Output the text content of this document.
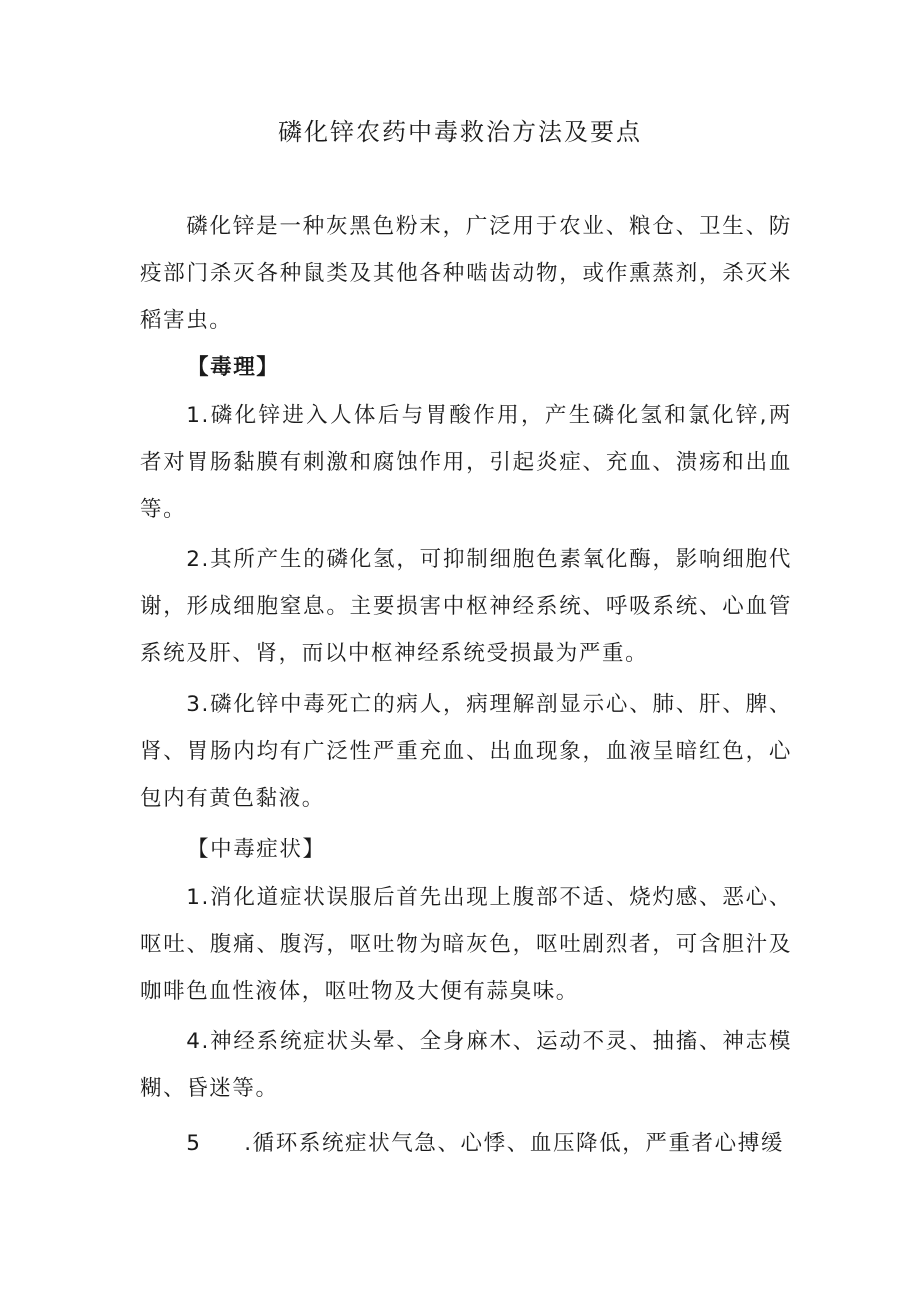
磷化锌农药中毒救治方法及要点

磷化锌是一种灰黑色粉末，广泛用于农业、粮仓、卫生、防疫部门杀灭各种鼠类及其他各种啮齿动物，或作熏蒸剂，杀灭米稻害虫。

【毒理】

1.磷化锌进入人体后与胃酸作用，产生磷化氢和氯化锌,两者对胃肠黏膜有刺激和腐蚀作用，引起炎症、充血、溃疡和出血等。

2.其所产生的磷化氢，可抑制细胞色素氧化酶，影响细胞代谢，形成细胞窒息。主要损害中枢神经系统、呼吸系统、心血管系统及肝、肾，而以中枢神经系统受损最为严重。

3.磷化锌中毒死亡的病人，病理解剖显示心、肺、肝、脾、肾、胃肠内均有广泛性严重充血、出血现象，血液呈暗红色，心包内有黄色黏液。

【中毒症状】

1.消化道症状误服后首先出现上腹部不适、烧灼感、恶心、呕吐、腹痛、腹泻，呕吐物为暗灰色，呕吐剧烈者，可含胆汁及咖啡色血性液体，呕吐物及大便有蒜臭味。

4.神经系统症状头晕、全身麻木、运动不灵、抽搐、神志模糊、昏迷等。

5 .循环系统症状气急、心悸、血压降低，严重者心搏缓
